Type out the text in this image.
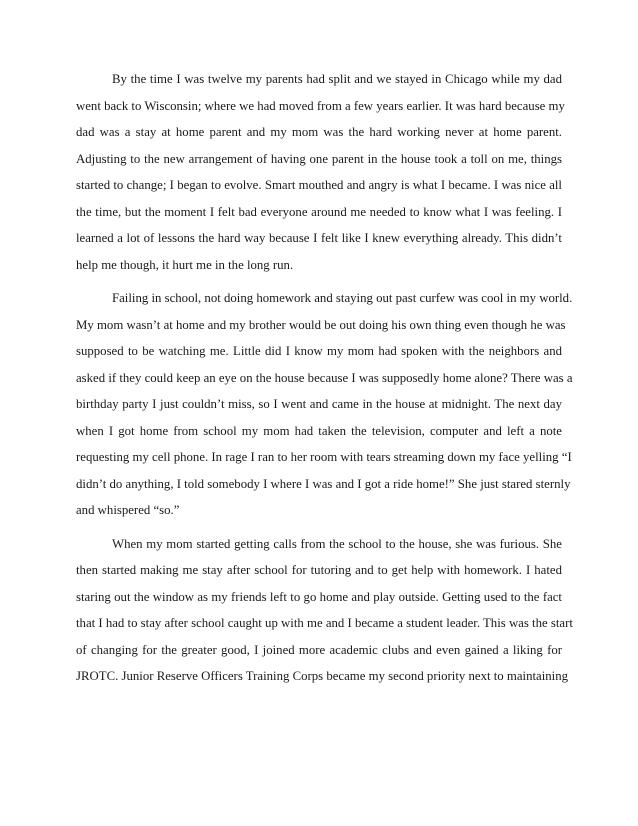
By the time I was twelve my parents had split and we stayed in Chicago while my dad
went back to Wisconsin; where we had moved from a few years earlier. It was hard because my
dad was a stay at home parent and my mom was the hard working never at home parent.
Adjusting to the new arrangement of having one parent in the house took a toll on me, things
started to change; I began to evolve. Smart mouthed and angry is what I became. I was nice all
the time, but the moment I felt bad everyone around me needed to know what I was feeling. I
learned a lot of lessons the hard way because I felt like I knew everything already. This didn’t
help me though, it hurt me in the long run.
Failing in school, not doing homework and staying out past curfew was cool in my world.
My mom wasn’t at home and my brother would be out doing his own thing even though he was
supposed to be watching me. Little did I know my mom had spoken with the neighbors and
asked if they could keep an eye on the house because I was supposedly home alone? There was a
birthday party I just couldn’t miss, so I went and came in the house at midnight. The next day
when I got home from school my mom had taken the television, computer and left a note
requesting my cell phone. In rage I ran to her room with tears streaming down my face yelling “I
didn’t do anything, I told somebody I where I was and I got a ride home!” She just stared sternly
and whispered “so.”
When my mom started getting calls from the school to the house, she was furious. She
then started making me stay after school for tutoring and to get help with homework. I hated
staring out the window as my friends left to go home and play outside. Getting used to the fact
that I had to stay after school caught up with me and I became a student leader. This was the start
of changing for the greater good, I joined more academic clubs and even gained a liking for
JROTC. Junior Reserve Officers Training Corps became my second priority next to maintaining
